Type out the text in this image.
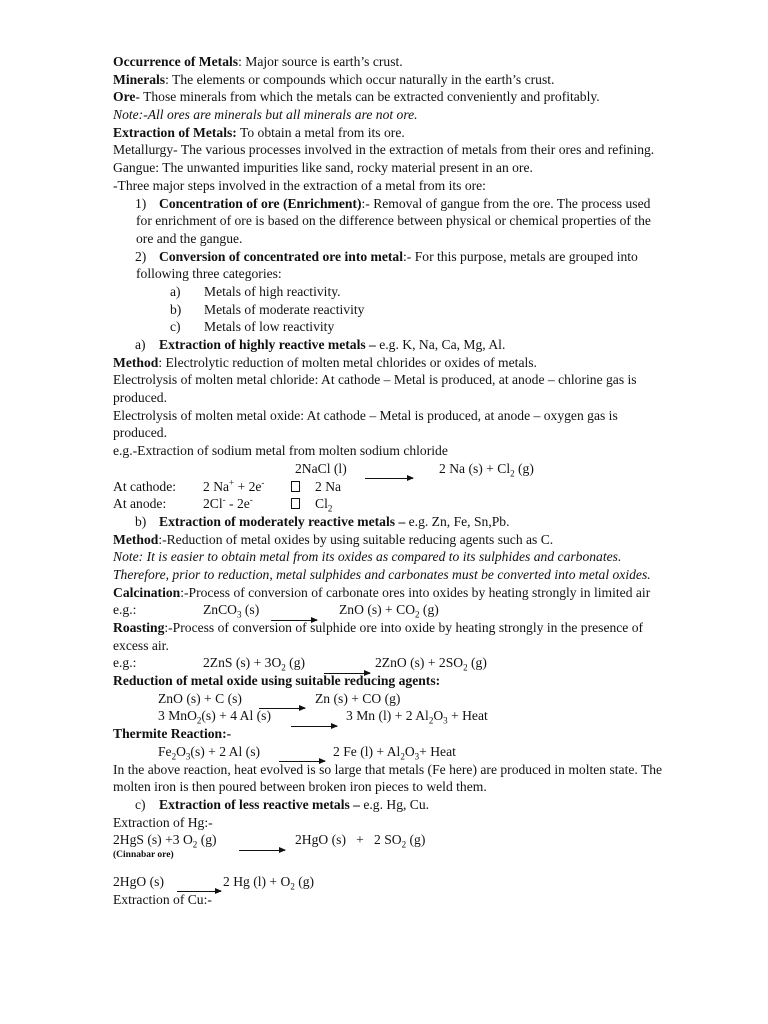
Occurrence of Metals: Major source is earth’s crust.
Minerals: The elements or compounds which occur naturally in the earth’s crust.
Ore- Those minerals from which the metals can be extracted conveniently and profitably.
Note:-All ores are minerals but all minerals are not ore.
Extraction of Metals: To obtain a metal from its ore.
Metallurgy- The various processes involved in the extraction of metals from their ores and refining.
Gangue: The unwanted impurities like sand, rocky material present in an ore.
-Three major steps involved in the extraction of a metal from its ore:
1) Concentration of ore (Enrichment):- Removal of gangue from the ore. The process used
for enrichment of ore is based on the difference between physical or chemical properties of the
ore and the gangue.
2) Conversion of concentrated ore into metal:- For this purpose, metals are grouped into
following three categories:
a) Metals of high reactivity.
b) Metals of moderate reactivity
c) Metals of low reactivity
a) Extraction of highly reactive metals – e.g. K, Na, Ca, Mg, Al.
Method: Electrolytic reduction of molten metal chlorides or oxides of metals.
Electrolysis of molten metal chloride: At cathode – Metal is produced, at anode – chlorine gas is
produced.
Electrolysis of molten metal oxide: At cathode – Metal is produced, at anode – oxygen gas is
produced.
e.g.-Extraction of sodium metal from molten sodium chloride
2NaCl (l)	2 Na $(s) + Cl_2$ (g)
At cathode: 2 Na+ + 2e-	2 Na
At anode:	2Cl- - 2e-	$Cl_2$
b) Extraction of moderately reactive metals – e.g. Zn, Fe, Sn,Pb.
Method:-Reduction of metal oxides by using suitable reducing agents such as C.
Note: It is easier to obtain metal from its oxides as compared to its sulphides and carbonates.
Therefore, prior to reduction, metal sulphides and carbonates must be converted into metal oxides.
Calcination:-Process of conversion of carbonate ores into oxides by heating strongly in limited air
e.g.:	ZnCO$_3$ (s)	ZnO $(s) + CO_2$ (g)
Roasting:-Process of conversion of sulphide ore into oxide by heating strongly in the presence of
excess air.
e.g.:	2ZnS $(s) + 3O_2$ (g)	2ZnO $(s) + 2SO_2$ (g)
Reduction of metal oxide using suitable reducing agents:
ZnO (s) + C (s)	Zn (s) + CO (g)
3 MnO$_2$(s) + 4 Al (s)	3 Mn (l) + 2 $Al_2O_3$ + Heat
Thermite Reaction:-
$Fe_2O_3(s) + 2$ Al (s)	2 Fe $(l) + Al_2O_3+$ Heat
In the above reaction, heat evolved is so large that metals (Fe here) are produced in molten state. The
molten iron is then poured between broken iron pieces to weld them.
c) Extraction of less reactive metals – e.g. Hg, Cu.
Extraction of Hg:-
2HgS (s) +3 $O_2$ (g)	2HgO (s)   +   2 $SO_2$ (g)
(Cinnabar ore)
2HgO (s)	2 Hg $(l) + O_2$ (g)
Extraction of Cu:-
